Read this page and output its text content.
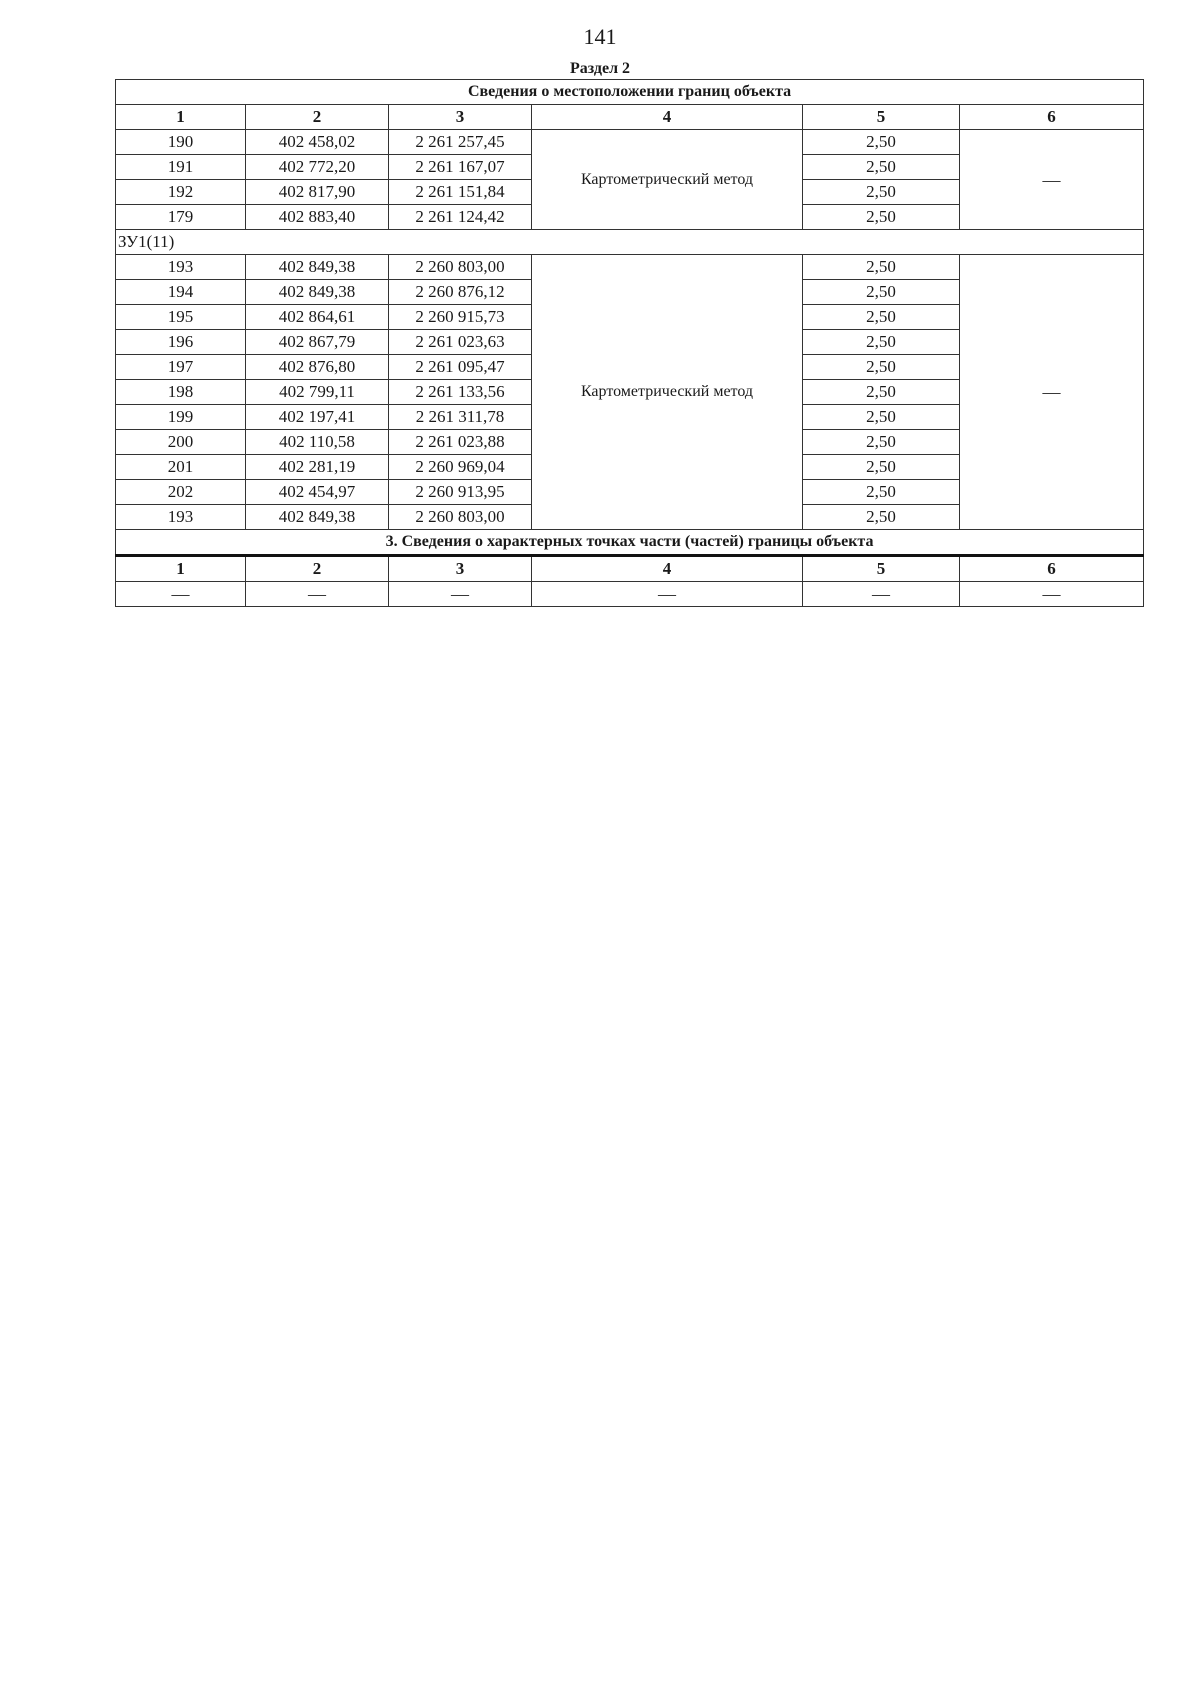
141
Раздел 2
Сведения о местоположении границ объекта					
1	2	3	4	5	6
190	402 458,02	2 261 257,45	Картометрический метод	2,50	—
191	402 772,20	2 261 167,07		2,50	
192	402 817,90	2 261 151,84		2,50	
179	402 883,40	2 261 124,42		2,50	
ЗУ1(11)					
193	402 849,38	2 260 803,00	Картометрический метод	2,50	—
194	402 849,38	2 260 876,12		2,50	
195	402 864,61	2 260 915,73		2,50	
196	402 867,79	2 261 023,63		2,50	
197	402 876,80	2 261 095,47		2,50	
198	402 799,11	2 261 133,56		2,50	
199	402 197,41	2 261 311,78		2,50	
200	402 110,58	2 261 023,88		2,50	
201	402 281,19	2 260 969,04		2,50	
202	402 454,97	2 260 913,95		2,50	
193	402 849,38	2 260 803,00		2,50	
3. Сведения о характерных точках части (частей) границы объекта					
1	2	3	4	5	6
—	—	—	—	—	—
